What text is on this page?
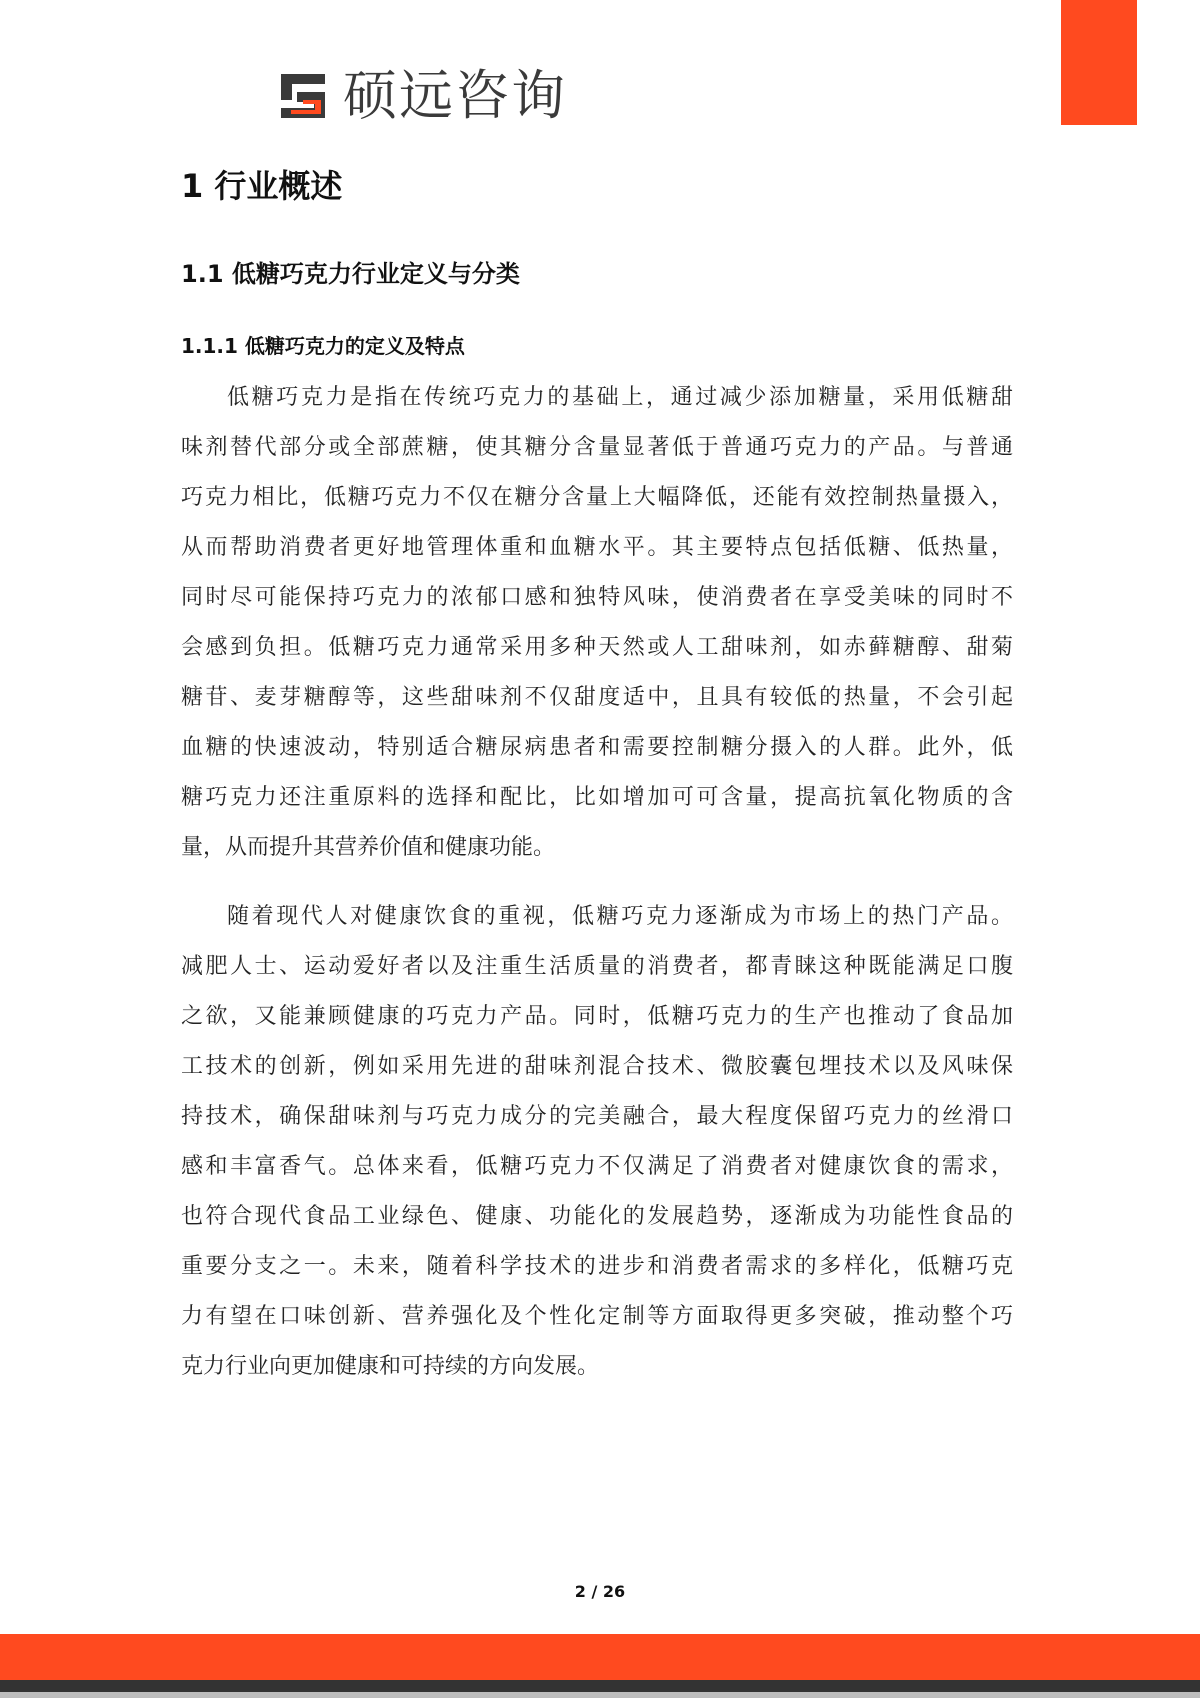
硕远咨询
1 行业概述
1.1 低糖巧克力行业定义与分类
1.1.1 低糖巧克力的定义及特点
低糖巧克力是指在传统巧克力的基础上，通过减少添加糖量，采用低糖甜
味剂替代部分或全部蔗糖，使其糖分含量显著低于普通巧克力的产品。与普通
巧克力相比，低糖巧克力不仅在糖分含量上大幅降低，还能有效控制热量摄入，
从而帮助消费者更好地管理体重和血糖水平。其主要特点包括低糖、低热量，
同时尽可能保持巧克力的浓郁口感和独特风味，使消费者在享受美味的同时不
会感到负担。低糖巧克力通常采用多种天然或人工甜味剂，如赤藓糖醇、甜菊
糖苷、麦芽糖醇等，这些甜味剂不仅甜度适中，且具有较低的热量，不会引起
血糖的快速波动，特别适合糖尿病患者和需要控制糖分摄入的人群。此外，低
糖巧克力还注重原料的选择和配比，比如增加可可含量，提高抗氧化物质的含
量，从而提升其营养价值和健康功能。
随着现代人对健康饮食的重视，低糖巧克力逐渐成为市场上的热门产品。
减肥人士、运动爱好者以及注重生活质量的消费者，都青睐这种既能满足口腹
之欲，又能兼顾健康的巧克力产品。同时，低糖巧克力的生产也推动了食品加
工技术的创新，例如采用先进的甜味剂混合技术、微胶囊包埋技术以及风味保
持技术，确保甜味剂与巧克力成分的完美融合，最大程度保留巧克力的丝滑口
感和丰富香气。总体来看，低糖巧克力不仅满足了消费者对健康饮食的需求，
也符合现代食品工业绿色、健康、功能化的发展趋势，逐渐成为功能性食品的
重要分支之一。未来，随着科学技术的进步和消费者需求的多样化，低糖巧克
力有望在口味创新、营养强化及个性化定制等方面取得更多突破，推动整个巧
克力行业向更加健康和可持续的方向发展。
2 / 26
